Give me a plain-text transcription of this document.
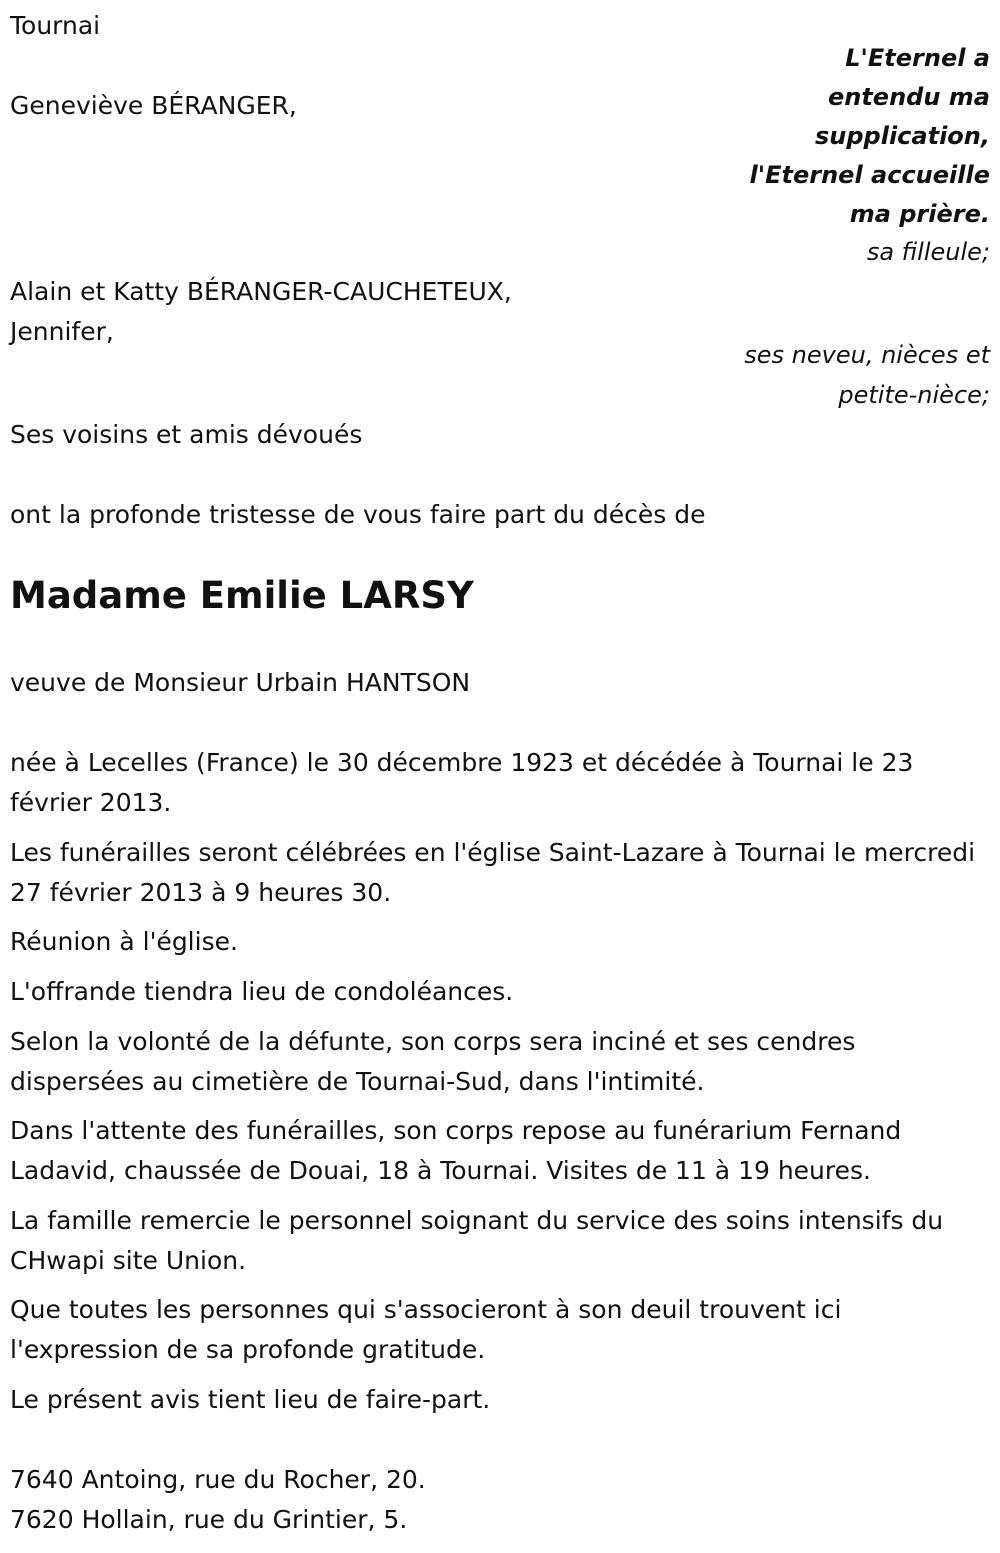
Tournai
L'Eternel a
entendu ma
supplication,
l'Eternel accueille
ma prière.
Geneviève BÉRANGER,
sa filleule;
Alain et Katty BÉRANGER-CAUCHETEUX,
Jennifer,
ses neveu, nièces et
petite-nièce;
Ses voisins et amis dévoués
ont la profonde tristesse de vous faire part du décès de
Madame Emilie LARSY
veuve de Monsieur Urbain HANTSON
née à Lecelles (France) le 30 décembre 1923 et décédée à Tournai le 23 février 2013.
Les funérailles seront célébrées en l'église Saint-Lazare à Tournai le mercredi 27 février 2013 à 9 heures 30.
Réunion à l'église.
L'offrande tiendra lieu de condoléances.
Selon la volonté de la défunte, son corps sera inciné et ses cendres dispersées au cimetière de Tournai-Sud, dans l'intimité.
Dans l'attente des funérailles, son corps repose au funérarium Fernand Ladavid, chaussée de Douai, 18 à Tournai. Visites de 11 à 19 heures.
La famille remercie le personnel soignant du service des soins intensifs du CHwapi site Union.
Que toutes les personnes qui s'associeront à son deuil trouvent ici l'expression de sa profonde gratitude.
Le présent avis tient lieu de faire-part.
7640 Antoing, rue du Rocher, 20.
7620 Hollain, rue du Grintier, 5.
